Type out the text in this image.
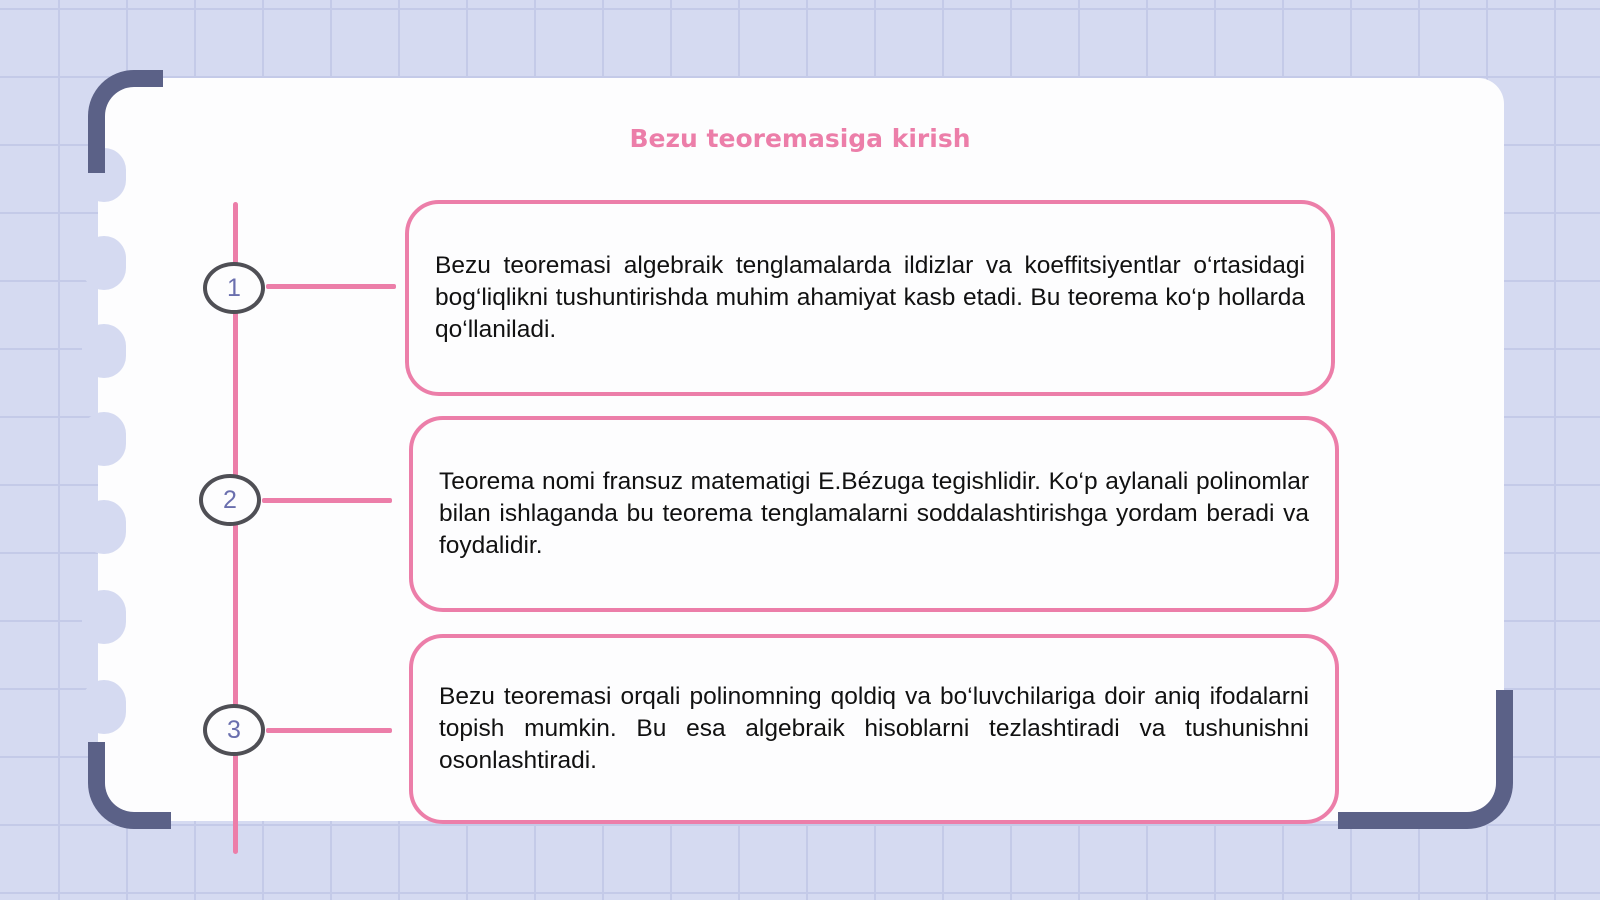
Bezu teoremasiga kirish
1

Bezu teoremasi algebraik tenglamalarda ildizlar va koeffitsiyentlar o‘rtasidagi bog‘liqlikni tushuntirishda muhim ahamiyat kasb etadi. Bu teorema ko‘p hollarda qo‘llaniladi.

2

Teorema nomi fransuz matematigi E.Bézuga tegishlidir. Ko‘p aylanali polinomlar bilan ishlaganda bu teorema tenglamalarni soddalashtirishga yordam beradi va foydalidir.

3

Bezu teoremasi orqali polinomning qoldiq va bo‘luvchilariga doir aniq ifodalarni topish mumkin. Bu esa algebraik hisoblarni tezlashtiradi va tushunishni osonlashtiradi.
